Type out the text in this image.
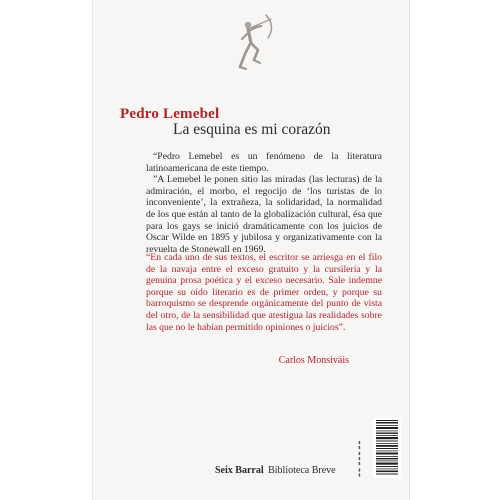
Pedro Lemebel
La esquina es mi corazón

“Pedro Lemebel es un fenómeno de la literatura latinoamericana de este tiempo.

”A Lemebel le ponen sitio las miradas (las lecturas) de la admiración, el morbo, el regocijo de ‘los turistas de lo inconveniente’, la extrañeza, la solidaridad, la normalidad de los que están al tanto de la globalización cultural, ésa que para los gays se inició dramáticamente con los juicios de Oscar Wilde en 1895 y jubilosa y organizativamente con la revuelta de Stonewall en 1969.

“En cada uno de sus textos, el escritor se arriesga en el filo de la navaja entre el exceso gratuito y la cursilería y la genuina prosa poética y el exceso necesario. Sale indemne porque su oído literario es de primer orden, y porque su barroquismo se desprende orgánicamente del punto de vista del otro, de la sensibilidad que atestigua las realidades sobre las que no le habían permitido opiniones o juicios”.

Carlos Monsiváis
▮▮ ▮▮▮ ▮▮
Seix Barral Biblioteca Breve
